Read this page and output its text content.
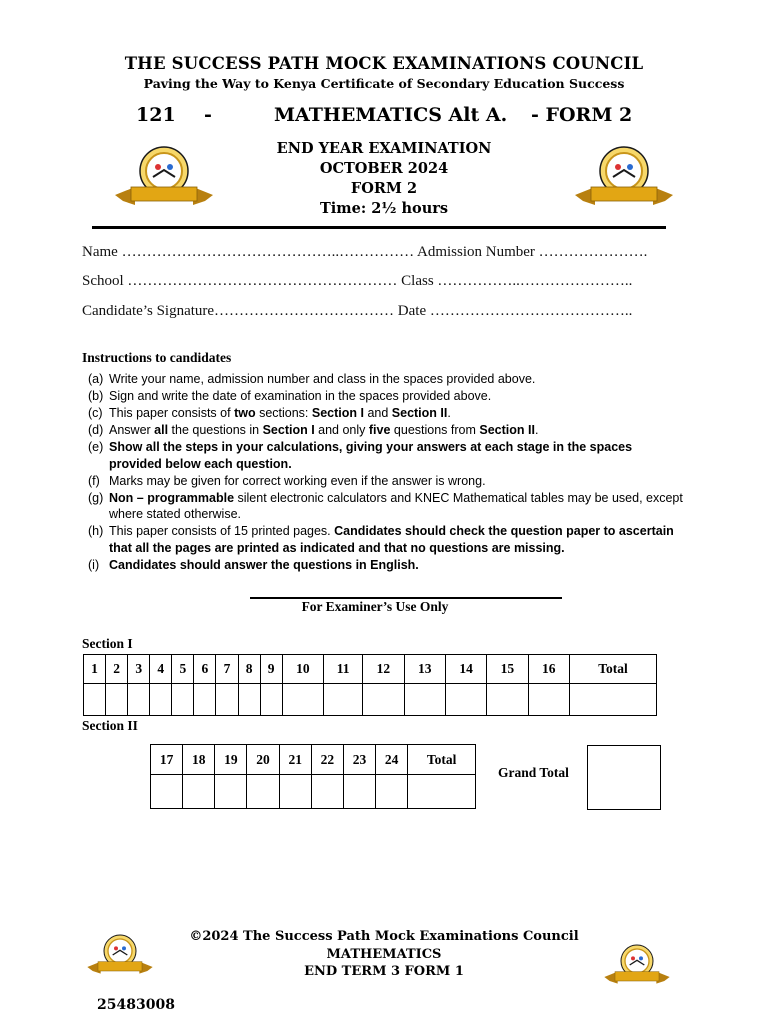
THE SUCCESS PATH MOCK EXAMINATIONS COUNCIL
Paving the Way to Kenya Certificate of Secondary Education Success
121 -	MATHEMATICS Alt A. - FORM 2
END YEAR EXAMINATION
OCTOBER 2024
FORM 2
Time: 2½ hours
Name ……………………………………..…………… Admission Number ………………….
School ……………………………………………… Class ……………..…………………..
Candidate’s Signature……………………………… Date …………………………………..
Instructions to candidates
(a) Write your name, admission number and class in the spaces provided above.
(b) Sign and write the date of examination in the spaces provided above.
(c) This paper consists of two sections: Section I and Section II.
(d) Answer all the questions in Section I and only five questions from Section II.
(e) Show all the steps in your calculations, giving your answers at each stage in the spaces provided below each question.
(f) Marks may be given for correct working even if the answer is wrong.
(g) Non – programmable silent electronic calculators and KNEC Mathematical tables may be used, except where stated otherwise.
(h) This paper consists of 15 printed pages. Candidates should check the question paper to ascertain that all the pages are printed as indicated and that no questions are missing.
(i) Candidates should answer the questions in English.
For Examiner’s Use Only
Section I
1	2	3	4	5	6	7	8	9	10	11	12	13	14	15	16	Total

Section II
17	18	19	20	21	22	23	24	Total

Grand Total
©2024 The Success Path Mock Examinations Council
MATHEMATICS
END TERM 3 FORM 1
25483008
